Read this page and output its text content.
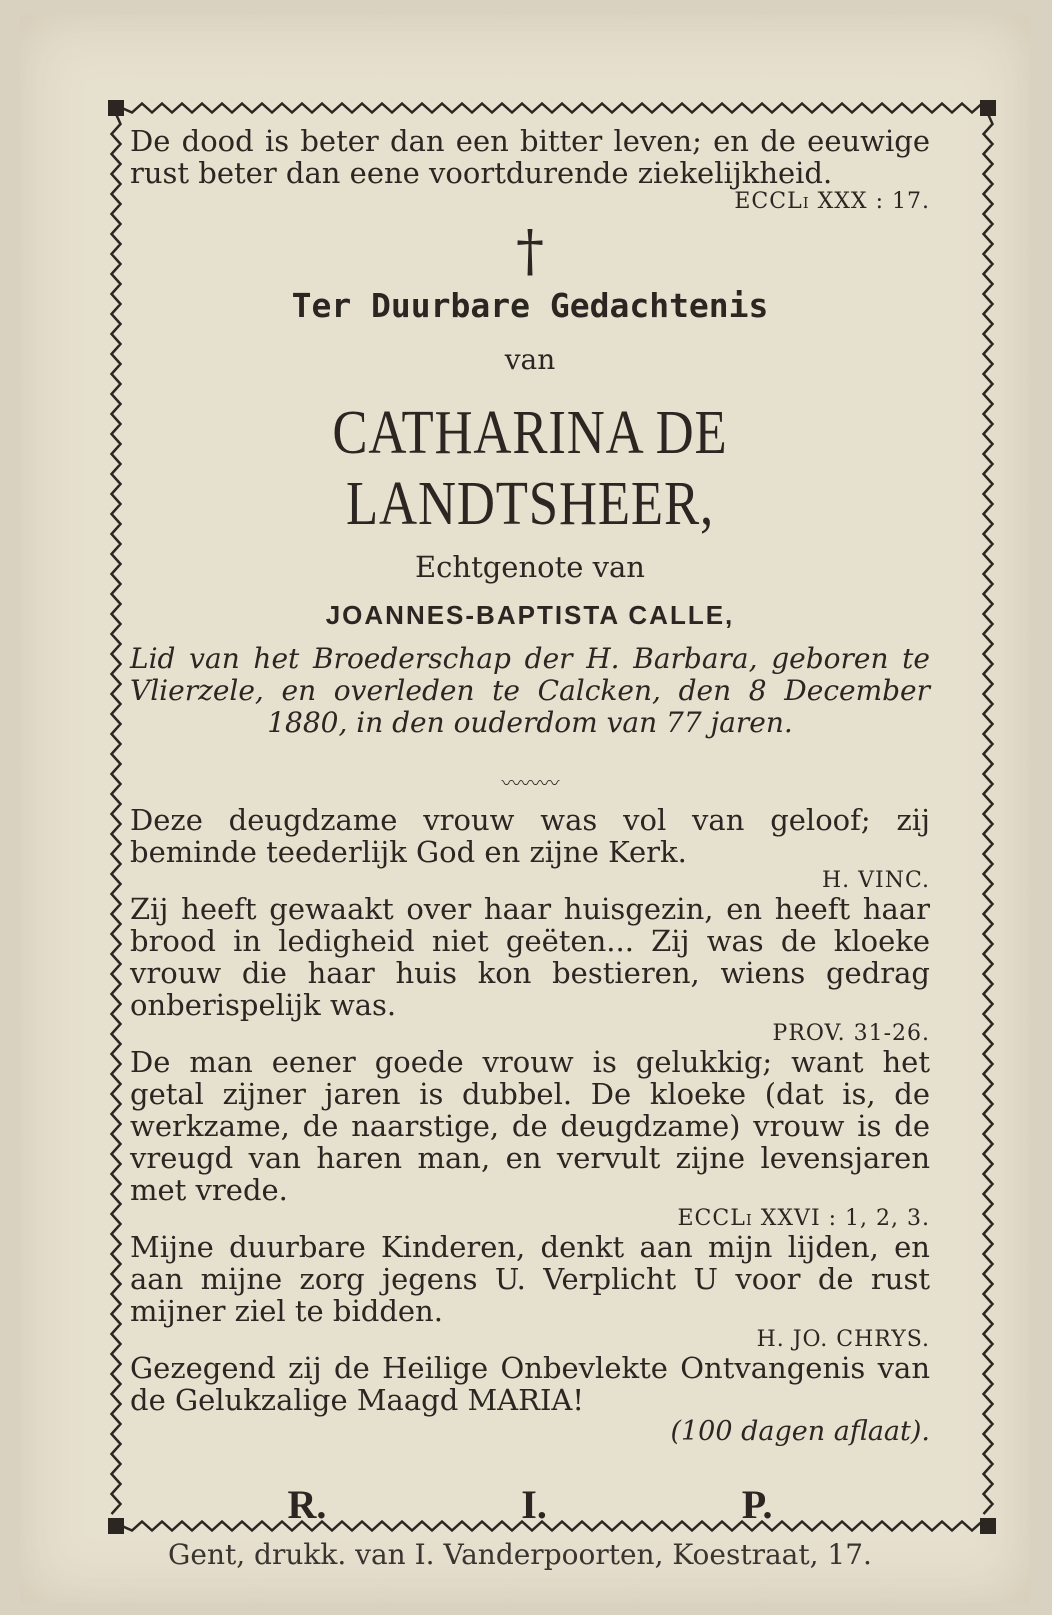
De dood is beter dan een bitter leven; en de eeuwige rust beter dan eene voortdurende ziekelijkheid.

ECCLi XXX : 17.

†
Ter Duurbare Gedachtenis
van
CATHARINA DE LANDTSHEER,
Echtgenote van
JOANNES-BAPTISTA CALLE,

Lid van het Broederschap der H. Barbara, geboren te Vlierzele, en overleden te Calcken, den 8 December 1880, in den ouderdom van 77 jaren.

〰〰〰

Deze deugdzame vrouw was vol van geloof; zij beminde teederlijk God en zijne Kerk.

H. VINC.

Zij heeft gewaakt over haar huisgezin, en heeft haar brood in ledigheid niet geëten... Zij was de kloeke vrouw die haar huis kon bestieren, wiens gedrag onberispelijk was.

PROV. 31-26.

De man eener goede vrouw is gelukkig; want het getal zijner jaren is dubbel. De kloeke (dat is, de werkzame, de naarstige, de deugdzame) vrouw is de vreugd van haren man, en vervult zijne levensjaren met vrede.

ECCLi XXVI : 1, 2, 3.

Mijne duurbare Kinderen, denkt aan mijn lijden, en aan mijne zorg jegens U. Verplicht U voor de rust mijner ziel te bidden.

H. JO. CHRYS.

Gezegend zij de Heilige Onbevlekte Ontvangenis van de Gelukzalige Maagd MARIA!

(100 dagen aflaat).

R.	I.	P.
Gent, drukk. van I. Vanderpoorten, Koestraat, 17.
